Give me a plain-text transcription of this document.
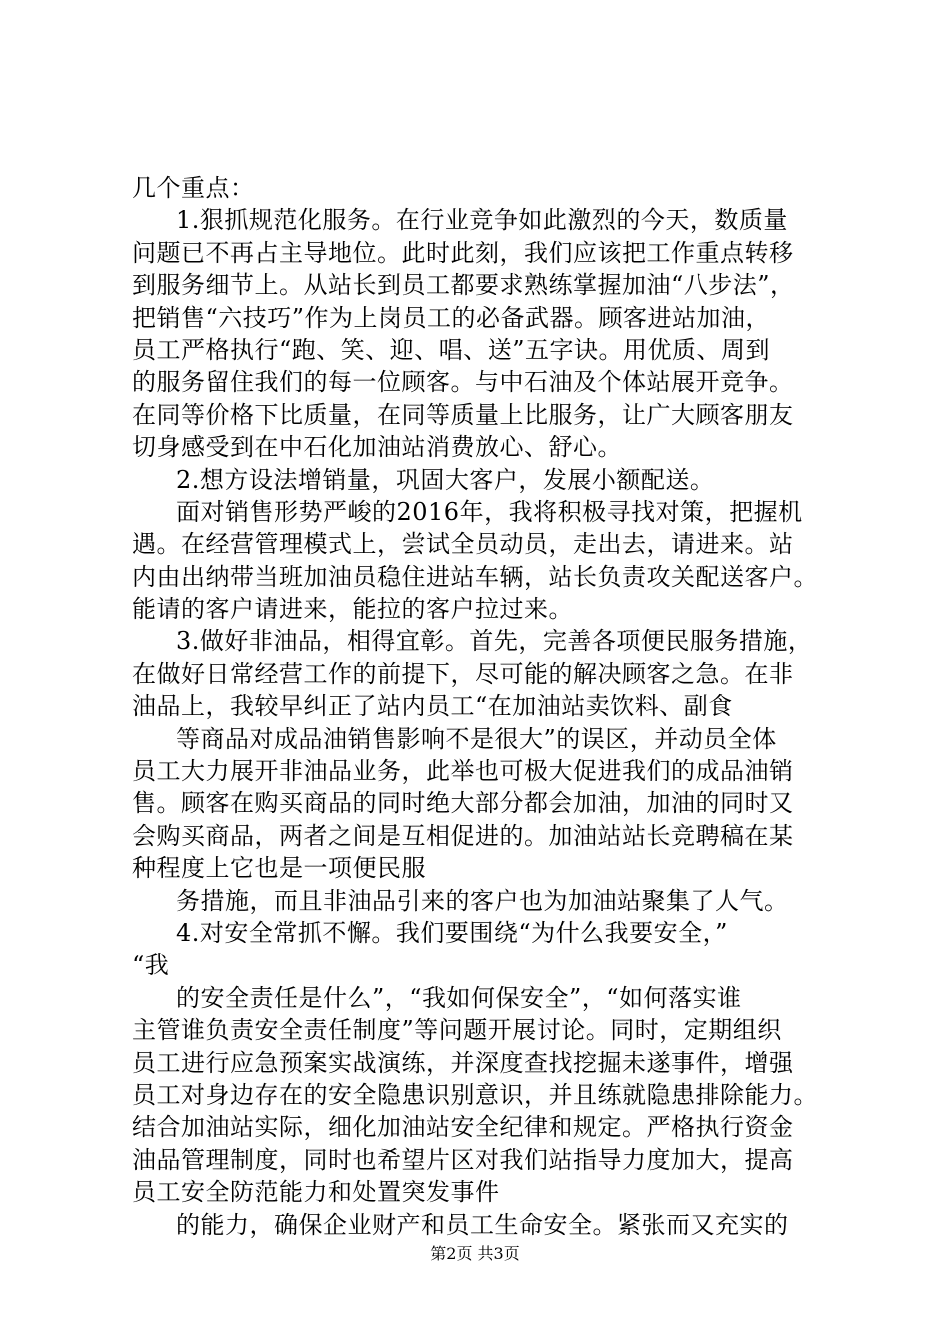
几个重点：
1.狠抓规范化服务。在行业竞争如此激烈的今天，数质量
问题已不再占主导地位。此时此刻，我们应该把工作重点转移
到服务细节上。从站长到员工都要求熟练掌握加油“八步法”，
把销售“六技巧”作为上岗员工的必备武器。顾客进站加油，
员工严格执行“跑、笑、迎、唱、送”五字诀。用优质、周到
的服务留住我们的每一位顾客。与中石油及个体站展开竞争。
在同等价格下比质量，在同等质量上比服务，让广大顾客朋友
切身感受到在中石化加油站消费放心、舒心。
2.想方设法增销量，巩固大客户，发展小额配送。
面对销售形势严峻的2016年，我将积极寻找对策，把握机
遇。在经营管理模式上，尝试全员动员，走出去，请进来。站
内由出纳带当班加油员稳住进站车辆，站长负责攻关配送客户。
能请的客户请进来，能拉的客户拉过来。
3.做好非油品，相得宜彰。首先，完善各项便民服务措施，
在做好日常经营工作的前提下，尽可能的解决顾客之急。在非
油品上，我较早纠正了站内员工“在加油站卖饮料、副食
等商品对成品油销售影响不是很大”的误区，并动员全体
员工大力展开非油品业务，此举也可极大促进我们的成品油销
售。顾客在购买商品的同时绝大部分都会加油，加油的同时又
会购买商品，两者之间是互相促进的。加油站站长竞聘稿在某
种程度上它也是一项便民服
务措施，而且非油品引来的客户也为加油站聚集了人气。
4.对安全常抓不懈。我们要围绕“为什么我要安全，”
“我
的安全责任是什么”，“我如何保安全”，“如何落实谁
主管谁负责安全责任制度”等问题开展讨论。同时，定期组织
员工进行应急预案实战演练，并深度查找挖掘未遂事件，增强
员工对身边存在的安全隐患识别意识，并且练就隐患排除能力。
结合加油站实际，细化加油站安全纪律和规定。严格执行资金
油品管理制度，同时也希望片区对我们站指导力度加大，提高
员工安全防范能力和处置突发事件
的能力，确保企业财产和员工生命安全。紧张而又充实的
第2页 共3页
